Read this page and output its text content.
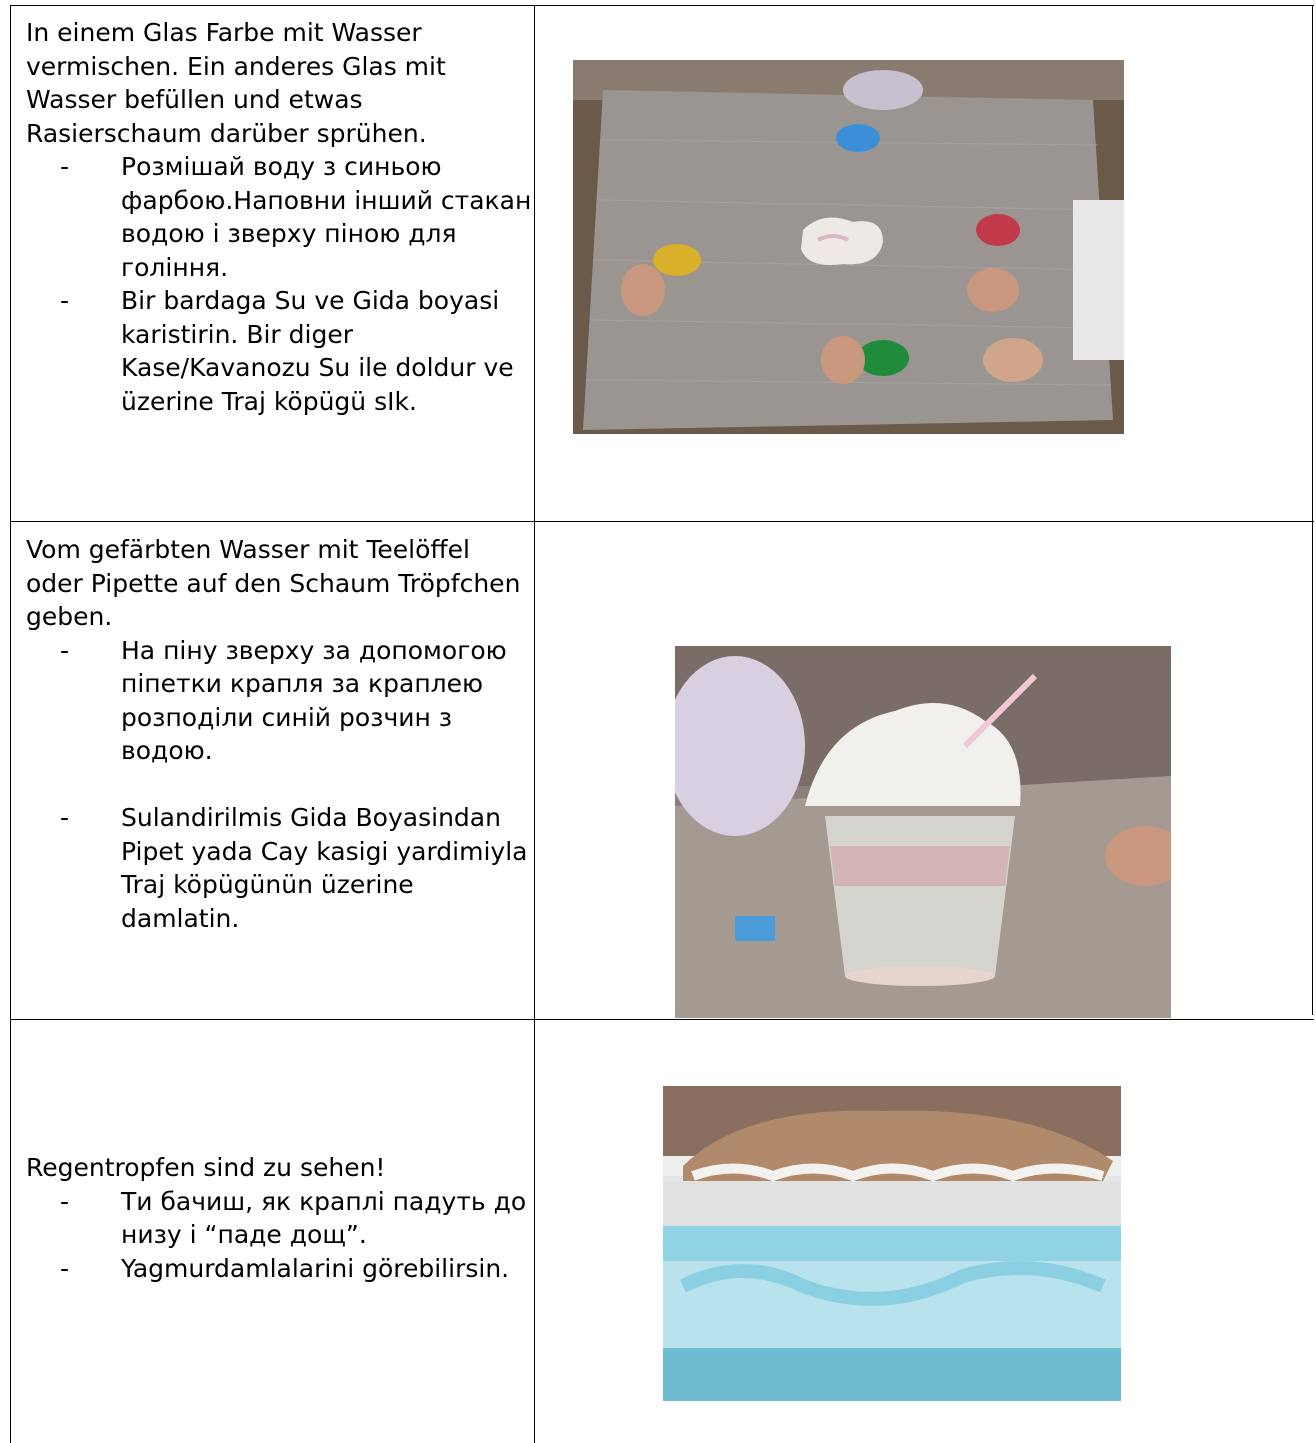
In einem Glas Farbe mit Wasser vermischen. Ein anderes Glas mit Wasser befüllen und etwas Rasierschaum darüber sprühen.

- Розмішай воду з синьою фарбою.Наповни інший стакан водою і зверху піною для гоління.
- Bir bardaga Su ve Gida boyasi karistirin. Bir diger Kase/Kavanozu Su ile doldur ve üzerine Traj köpügü sIk.

Vom gefärbten Wasser mit Teelöffel oder Pipette auf den Schaum Tröpfchen geben.

- На піну зверху за допомогою піпетки крапля за краплею розподіли синій розчин з водою.
- Sulandirilmis Gida Boyasindan Pipet yada Cay kasigi yardimiyla Traj köpügünün üzerine damlatin.

Regentropfen sind zu sehen!

- Ти бачиш, як краплі падуть до низу і “паде дощ”.
- Yagmurdamlalarini görebilirsin.
